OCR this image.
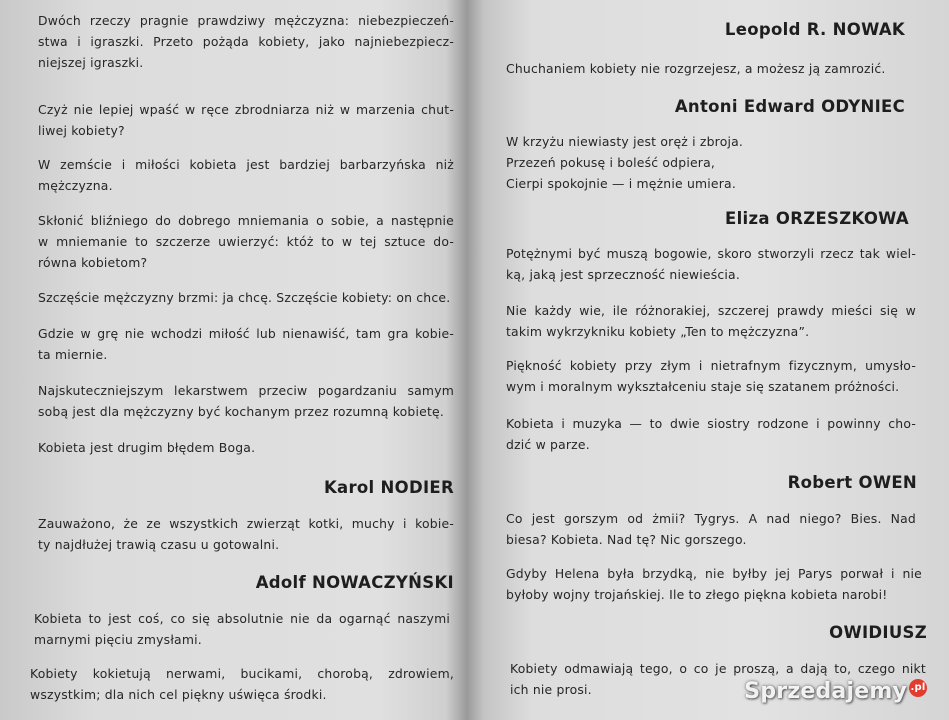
Dwóch rzeczy pragnie prawdziwy mężczyzna: niebezpieczeń-
stwa i igraszki. Przeto pożąda kobiety, jako najniebezpiecz-
niejszej igraszki.

Czyż nie lepiej wpaść w ręce zbrodniarza niż w marzenia chut-
liwej kobiety?

W zemście i miłości kobieta jest bardziej barbarzyńska niż
mężczyzna.

Skłonić bliźniego do dobrego mniemania o sobie, a następnie
w mniemanie to szczerze uwierzyć: któż to w tej sztuce do-
równa kobietom?

Szczęście mężczyzny brzmi: ja chcę. Szczęście kobiety: on chce.

Gdzie w grę nie wchodzi miłość lub nienawiść, tam gra kobie-
ta miernie.

Najskuteczniejszym lekarstwem przeciw pogardzaniu samym
sobą jest dla mężczyzny być kochanym przez rozumną kobietę.

Kobieta jest drugim błędem Boga.

Karol NODIER

Zauważono, że ze wszystkich zwierząt kotki, muchy i kobie-
ty najdłużej trawią czasu u gotowalni.

Adolf NOWACZYŃSKI

Kobieta to jest coś, co się absolutnie nie da ogarnąć naszymi
marnymi pięciu zmysłami.

Kobiety kokietują nerwami, bucikami, chorobą, zdrowiem,
wszystkim; dla nich cel piękny uświęca środki.

Leopold R. NOWAK

Chuchaniem kobiety nie rozgrzejesz, a możesz ją zamrozić.

Antoni Edward ODYNIEC

W krzyżu niewiasty jest oręż i zbroja.
Przezeń pokusę i boleść odpiera,
Cierpi spokojnie — i mężnie umiera.

Eliza ORZESZKOWA

Potężnymi być muszą bogowie, skoro stworzyli rzecz tak wiel-
ką, jaką jest sprzeczność niewieścia.

Nie każdy wie, ile różnorakiej, szczerej prawdy mieści się w
takim wykrzykniku kobiety „Ten to mężczyzna”.

Piękność kobiety przy złym i nietrafnym fizycznym, umysło-
wym i moralnym wykształceniu staje się szatanem próżności.

Kobieta i muzyka — to dwie siostry rodzone i powinny cho-
dzić w parze.

Robert OWEN

Co jest gorszym od żmii? Tygrys. A nad niego? Bies. Nad
biesa? Kobieta. Nad tę? Nic gorszego.

Gdyby Helena była brzydką, nie byłby jej Parys porwał i nie
byłoby wojny trojańskiej. Ile to złego piękna kobieta narobi!

OWIDIUSZ

Kobiety odmawiają tego, o co je proszą, a dają to, czego nikt
ich nie prosi.	Sprzedajemy .pl
